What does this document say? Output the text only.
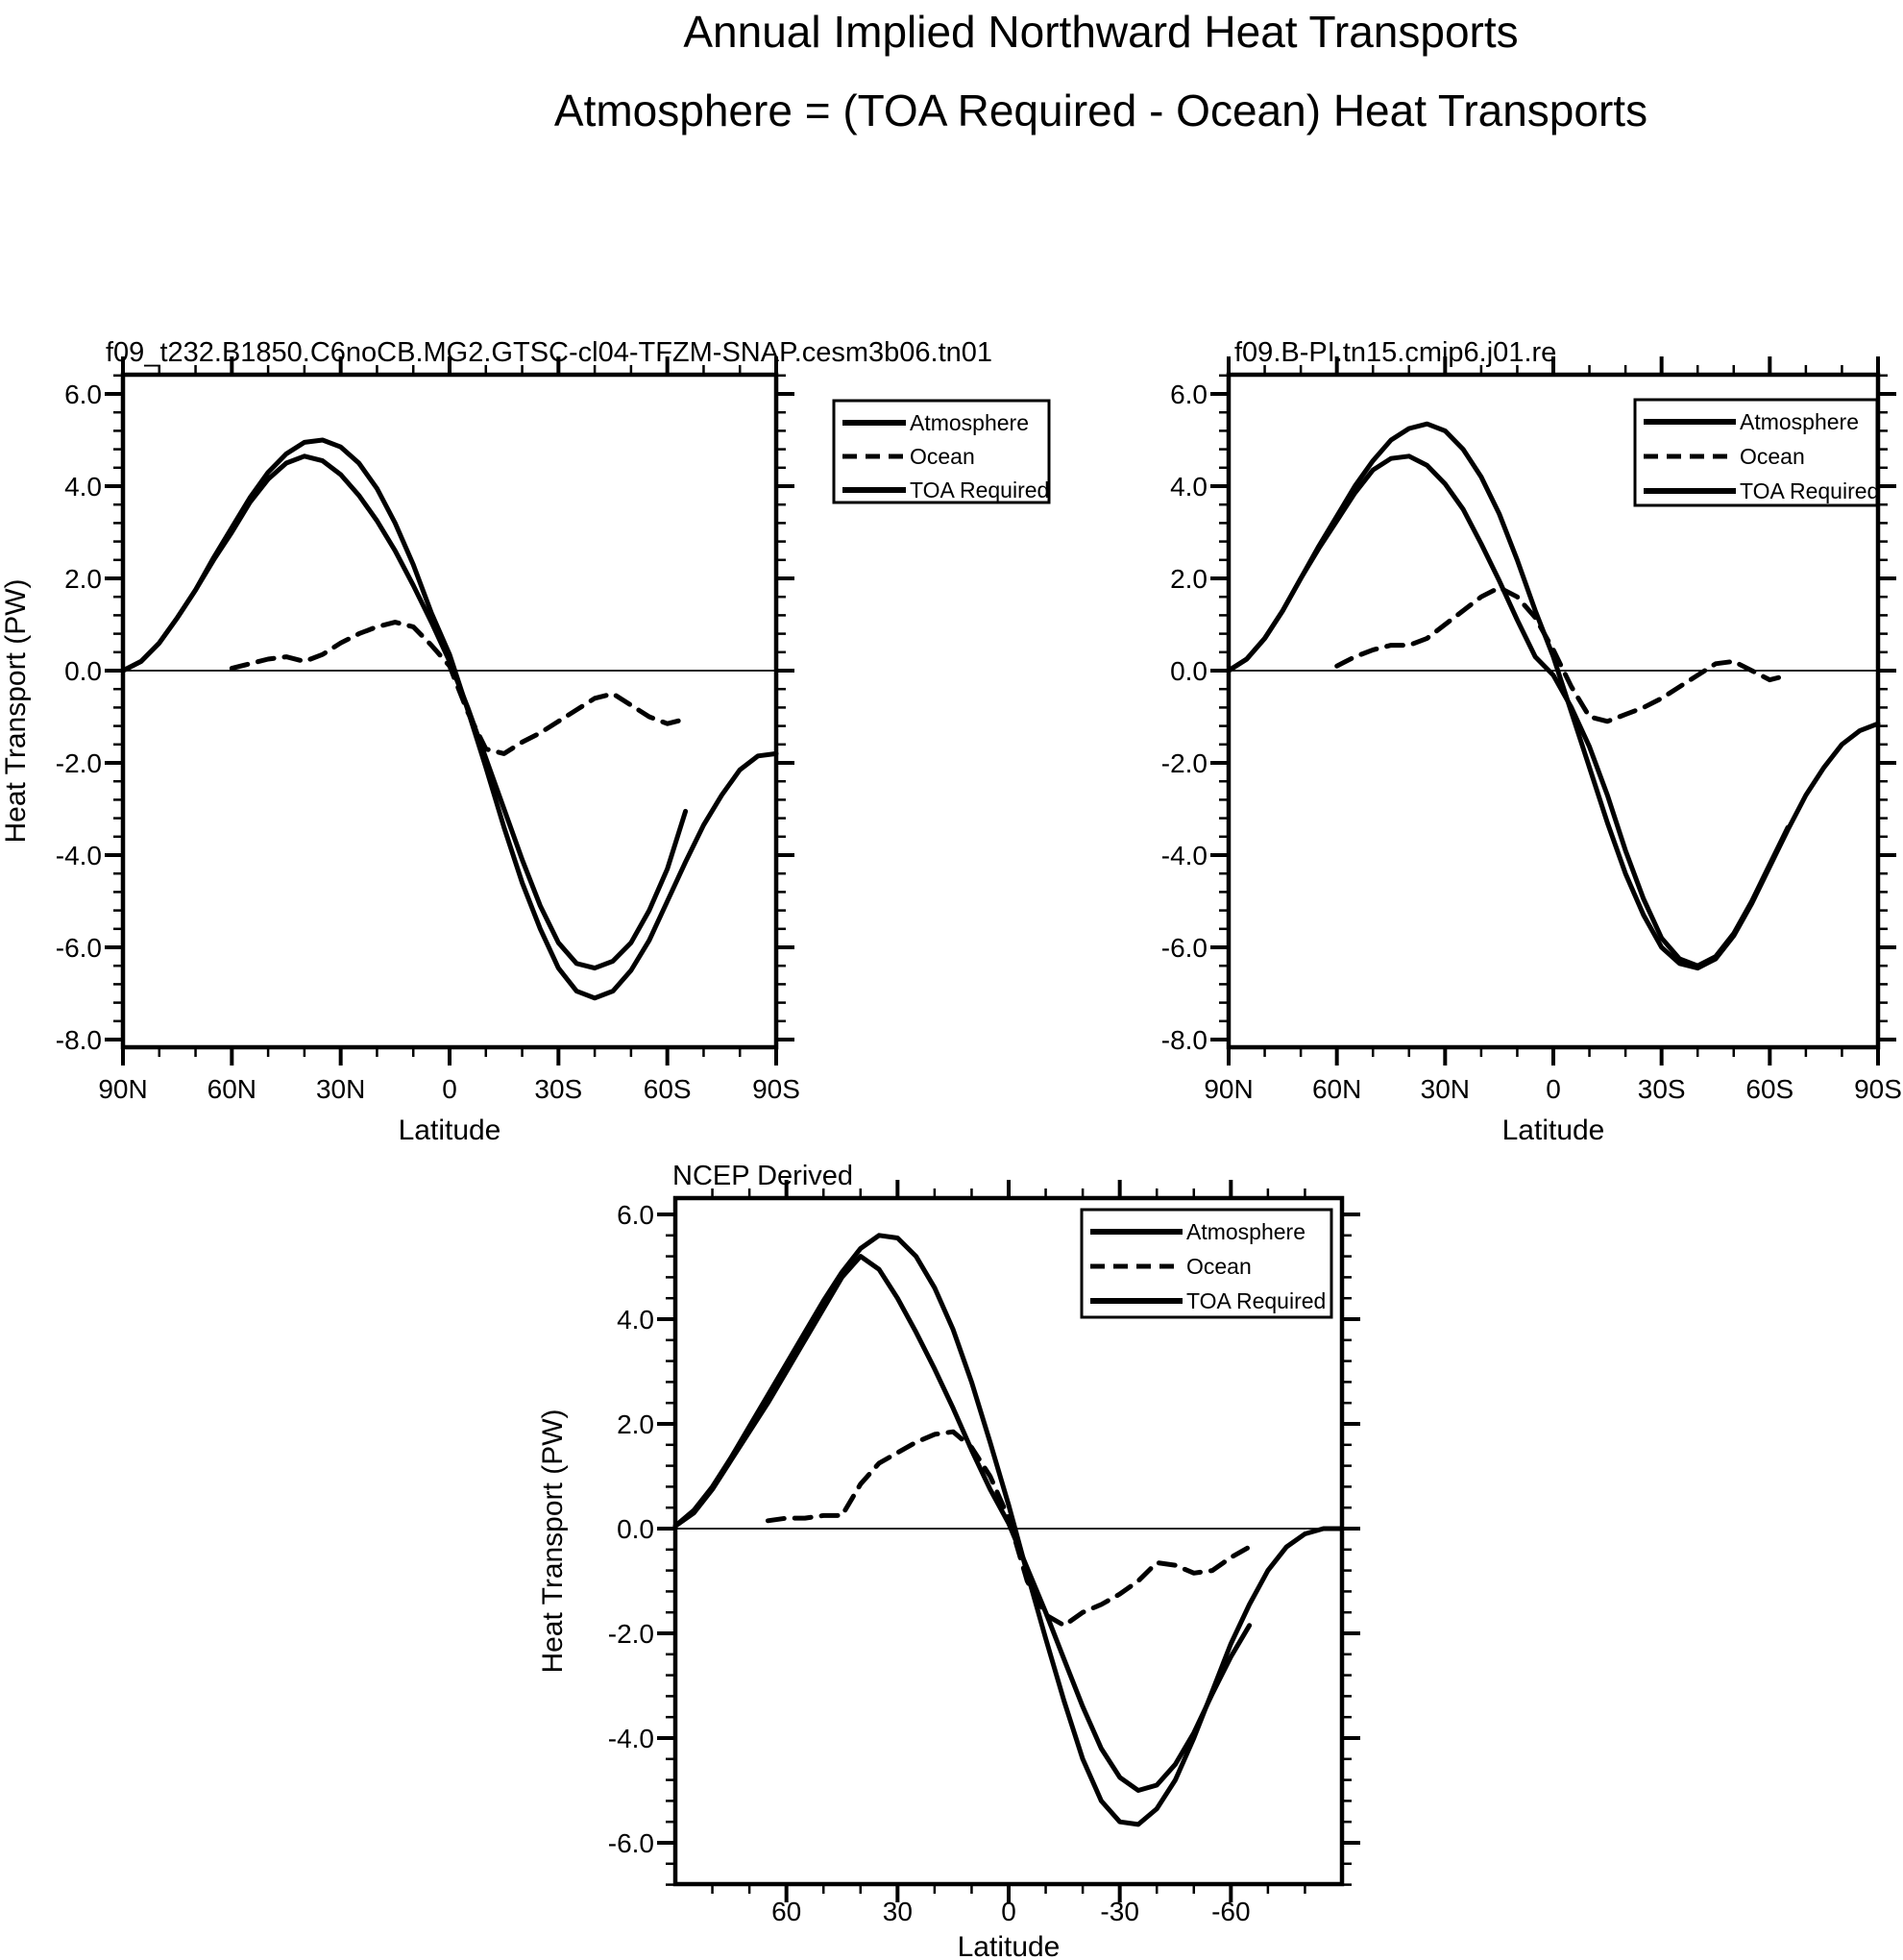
Annual Implied Northward Heat Transports
Atmosphere = (TOA Required - Ocean) Heat Transports
90N 60N 30N	0	30S 60S 90S
6.0
4.0
2.0
0.0
-2.0
-4.0
-6.0
-8.0
f09_t232.B1850.C6noCB.MG2.GTSC-cl04-TFZM-SNAP.cesm3b06.tn01
Latitude
Heat Transport (PW)
Atmosphere
Ocean
TOA Required
90N 60N 30N	0	30S 60S 90S
6.0
4.0
2.0
0.0
-2.0
-4.0
-6.0
-8.0
f09.B-PI.tn15.cmip6.j01.re
Latitude
Atmosphere
Ocean
TOA Required
60	30	0	-30	-60
6.0
4.0
2.0
0.0
-2.0
-4.0
-6.0
NCEP Derived
Latitude
Heat Transport (PW)
Atmosphere
Ocean
TOA Required
